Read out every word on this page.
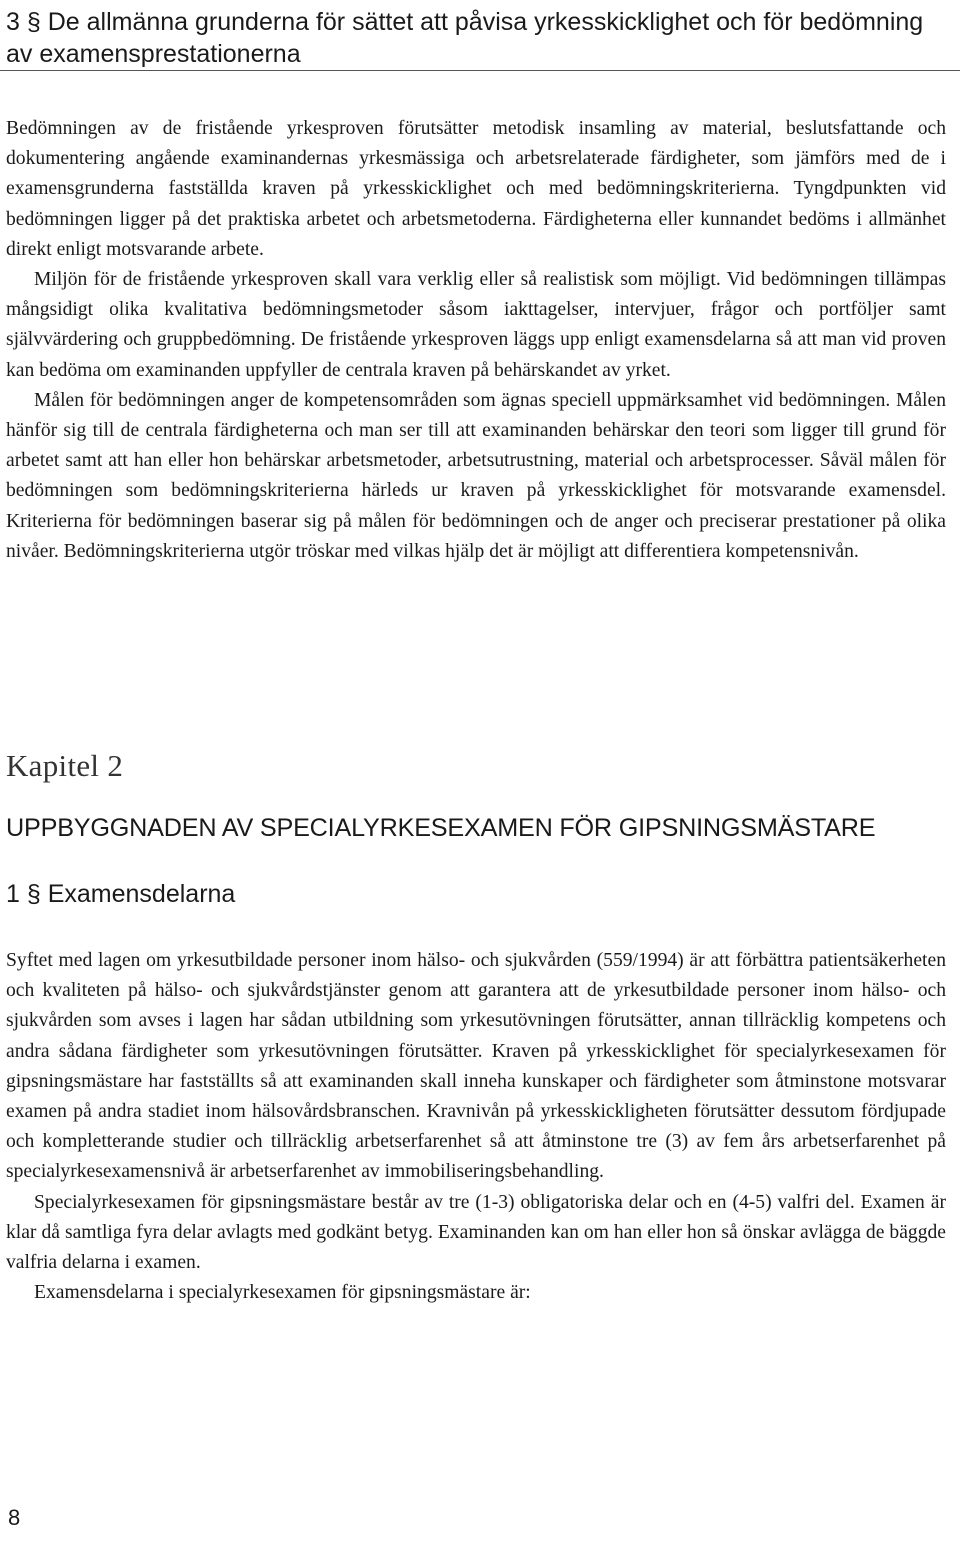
3 § De allmänna grunderna för sättet att påvisa yrkesskicklighet och för bedömning av examensprestationerna

Bedömningen av de fristående yrkesproven förutsätter metodisk insamling av material, beslutsfattande och dokumentering angående examinandernas yrkesmässiga och arbetsrelaterade färdigheter, som jämförs med de i examensgrunderna fastställda kraven på yrkesskicklighet och med bedömningskriterierna. Tyngdpunkten vid bedömningen ligger på det praktiska arbetet och arbetsmetoderna. Färdigheterna eller kunnandet bedöms i allmänhet direkt enligt motsvarande arbete.

Miljön för de fristående yrkesproven skall vara verklig eller så realistisk som möjligt. Vid bedömningen tillämpas mångsidigt olika kvalitativa bedömningsmetoder såsom iakttagelser, intervjuer, frågor och portföljer samt självvärdering och gruppbedömning. De fristående yrkesproven läggs upp enligt examensdelarna så att man vid proven kan bedöma om examinanden uppfyller de centrala kraven på behärskandet av yrket.

Målen för bedömningen anger de kompetensområden som ägnas speciell uppmärksamhet vid bedömningen. Målen hänför sig till de centrala färdigheterna och man ser till att examinanden behärskar den teori som ligger till grund för arbetet samt att han eller hon behärskar arbetsmetoder, arbetsutrustning, material och arbetsprocesser. Såväl målen för bedömningen som bedömningskriterierna härleds ur kraven på yrkesskicklighet för motsvarande examensdel. Kriterierna för bedömningen baserar sig på målen för bedömningen och de anger och preciserar prestationer på olika nivåer. Bedömningskriterierna utgör tröskar med vilkas hjälp det är möjligt att differentiera kompetensnivån.

Kapitel 2
UPPBYGGNADEN AV SPECIALYRKESEXAMEN FÖR GIPSNINGSMÄSTARE
1 § Examensdelarna

Syftet med lagen om yrkesutbildade personer inom hälso- och sjukvården (559/1994) är att förbättra patientsäkerheten och kvaliteten på hälso- och sjukvårdstjänster genom att garantera att de yrkesutbildade personer inom hälso- och sjukvården som avses i lagen har sådan utbildning som yrkesutövningen förutsätter, annan tillräcklig kompetens och andra sådana färdigheter som yrkesutövningen förutsätter. Kraven på yrkesskicklighet för specialyrkesexamen för gipsningsmästare har fastställts så att examinanden skall inneha kunskaper och färdigheter som åtminstone motsvarar examen på andra stadiet inom hälsovårdsbranschen. Kravnivån på yrkesskickligheten förutsätter dessutom fördjupade och kompletterande studier och tillräcklig arbetserfarenhet så att åtminstone tre (3) av fem års arbetserfarenhet på specialyrkesexamensnivå är arbetserfarenhet av immobiliseringsbehandling.

Specialyrkesexamen för gipsningsmästare består av tre (1-3) obligatoriska delar och en (4-5) valfri del. Examen är klar då samtliga fyra delar avlagts med godkänt betyg. Examinanden kan om han eller hon så önskar avlägga de bäggde valfria delarna i examen.

Examensdelarna i specialyrkesexamen för gipsningsmästare är:

8
